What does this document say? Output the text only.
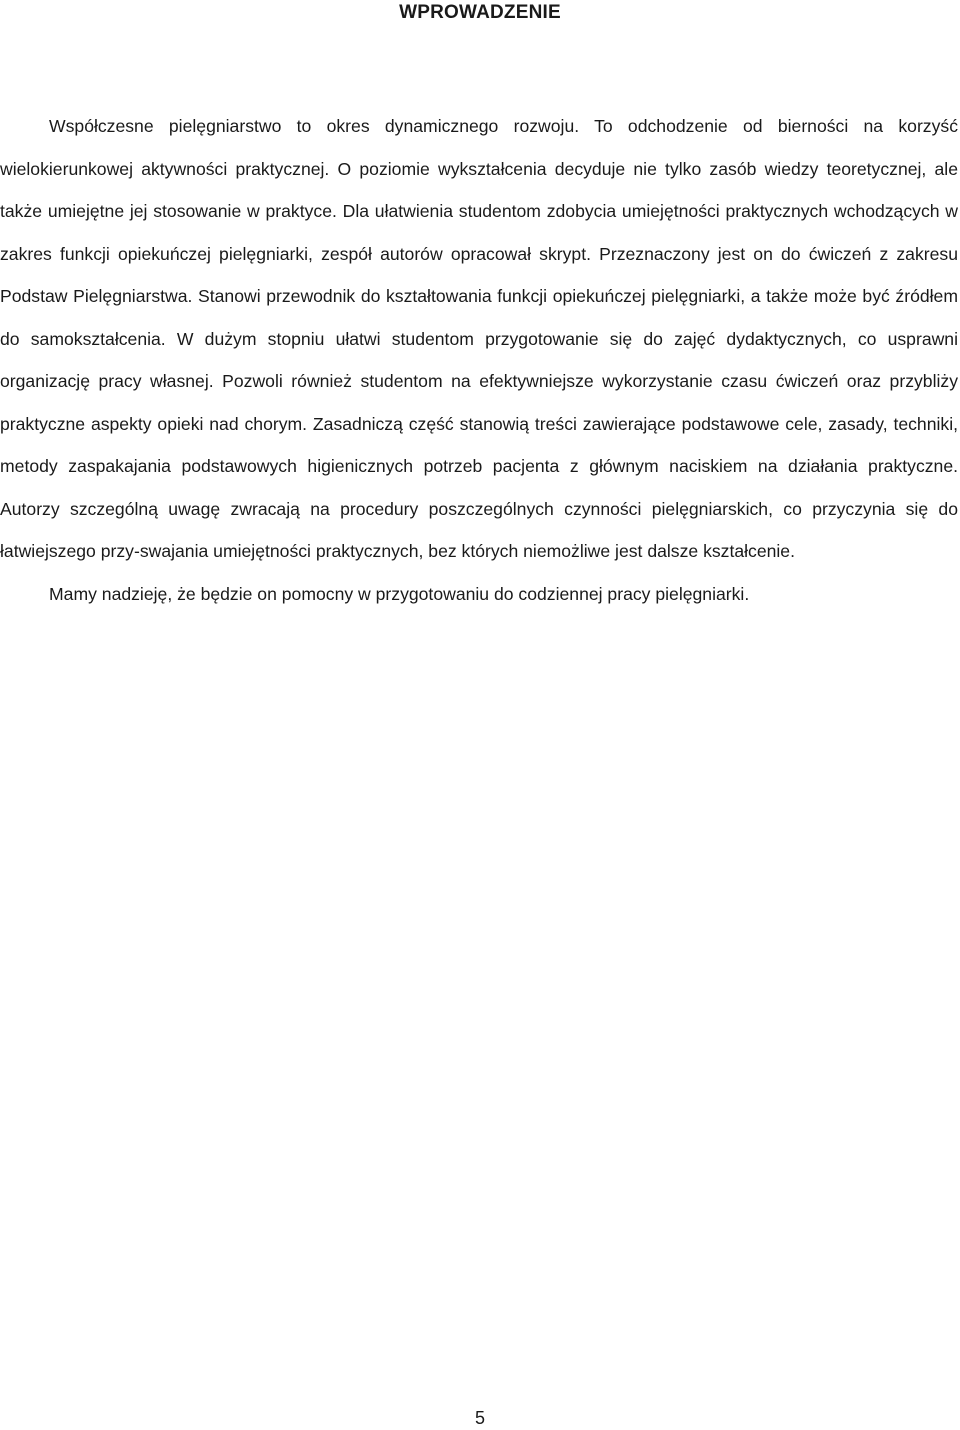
WPROWADZENIE

Współczesne pielęgniarstwo to okres dynamicznego rozwoju. To odchodzenie od bierności na korzyść wielokierunkowej aktywności praktycznej. O poziomie wykształcenia decyduje nie tylko zasób wiedzy teoretycznej, ale także umiejętne jej stosowanie w praktyce. Dla ułatwienia studentom zdobycia umiejętności praktycznych wchodzących w zakres funkcji opiekuńczej pielęgniarki, zespół autorów opracował skrypt. Przeznaczony jest on do ćwiczeń z zakresu Podstaw Pielęgniarstwa. Stanowi przewodnik do kształtowania funkcji opiekuńczej pielęgniarki, a także może być źródłem do samokształcenia. W dużym stopniu ułatwi studentom przygotowanie się do zajęć dydaktycznych, co usprawni organizację pracy własnej. Pozwoli również studentom na efektywniejsze wykorzystanie czasu ćwiczeń oraz przybliży praktyczne aspekty opieki nad chorym. Zasadniczą część stanowią treści zawierające podstawowe cele, zasady, techniki, metody zaspakajania podstawowych higienicznych potrzeb pacjenta z głównym naciskiem na działania praktyczne. Autorzy szczególną uwagę zwracają na procedury poszczególnych czynności pielęgniarskich, co przyczynia się do łatwiejszego przy-swajania umiejętności praktycznych, bez których niemożliwe jest dalsze kształcenie.

Mamy nadzieję, że będzie on pomocny w przygotowaniu do codziennej pracy pielęgniarki.

5
